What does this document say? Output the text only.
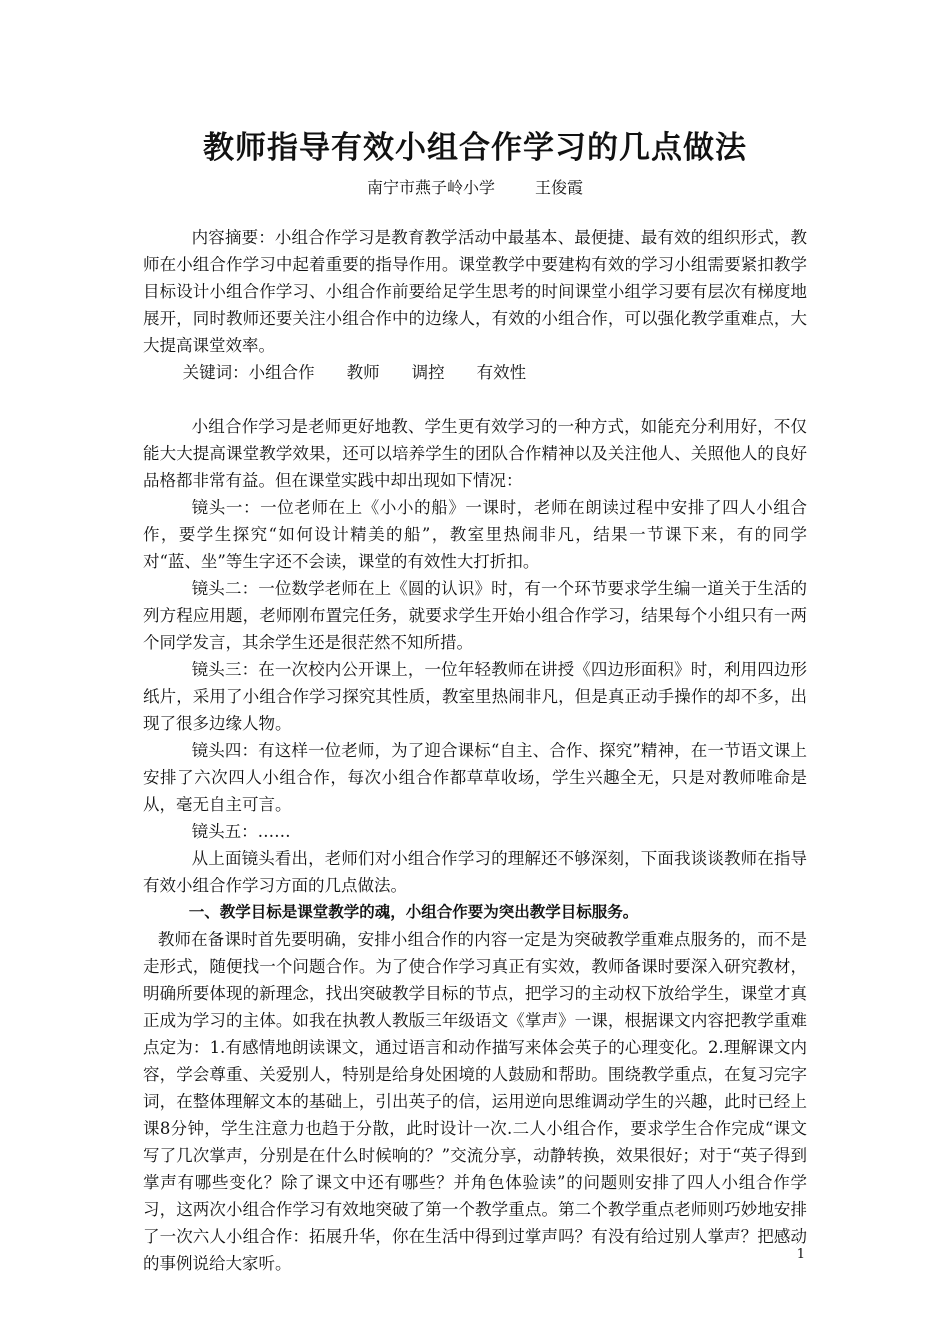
教师指导有效小组合作学习的几点做法
南宁市燕子岭小学	王俊霞

内容摘要：小组合作学习是教育教学活动中最基本、最便捷、最有效的组织形式，教师在小组合作学习中起着重要的指导作用。课堂教学中要建构有效的学习小组需要紧扣教学目标设计小组合作学习、小组合作前要给足学生思考的时间课堂小组学习要有层次有梯度地展开，同时教师还要关注小组合作中的边缘人，有效的小组合作，可以强化教学重难点，大大提高课堂效率。

关键词：小组合作 教师 调控 有效性

小组合作学习是老师更好地教、学生更有效学习的一种方式，如能充分利用好，不仅能大大提高课堂教学效果，还可以培养学生的团队合作精神以及关注他人、关照他人的良好品格都非常有益。但在课堂实践中却出现如下情况：

镜头一：一位老师在上《小小的船》一课时，老师在朗读过程中安排了四人小组合作，要学生探究“如何设计精美的船”，教室里热闹非凡，结果一节课下来，有的同学对“蓝、坐”等生字还不会读，课堂的有效性大打折扣。

镜头二：一位数学老师在上《圆的认识》时，有一个环节要求学生编一道关于生活的列方程应用题，老师刚布置完任务，就要求学生开始小组合作学习，结果每个小组只有一两个同学发言，其余学生还是很茫然不知所措。

镜头三：在一次校内公开课上，一位年轻教师在讲授《四边形面积》时，利用四边形纸片，采用了小组合作学习探究其性质，教室里热闹非凡，但是真正动手操作的却不多，出现了很多边缘人物。

镜头四：有这样一位老师，为了迎合课标“自主、合作、探究”精神，在一节语文课上安排了六次四人小组合作，每次小组合作都草草收场，学生兴趣全无，只是对教师唯命是从，毫无自主可言。

镜头五：……

从上面镜头看出，老师们对小组合作学习的理解还不够深刻，下面我谈谈教师在指导有效小组合作学习方面的几点做法。

一、教学目标是课堂教学的魂，小组合作要为突出教学目标服务。

教师在备课时首先要明确，安排小组合作的内容一定是为突破教学重难点服务的，而不是走形式，随便找一个问题合作。为了使合作学习真正有实效，教师备课时要深入研究教材，明确所要体现的新理念，找出突破教学目标的节点，把学习的主动权下放给学生，课堂才真正成为学习的主体。如我在执教人教版三年级语文《掌声》一课，根据课文内容把教学重难点定为：1.有感情地朗读课文，通过语言和动作描写来体会英子的心理变化。2.理解课文内容，学会尊重、关爱别人，特别是给身处困境的人鼓励和帮助。围绕教学重点，在复习完字词，在整体理解文本的基础上，引出英子的信，运用逆向思维调动学生的兴趣，此时已经上课8分钟，学生注意力也趋于分散，此时设计一次.二人小组合作，要求学生合作完成“课文写了几次掌声，分别是在什么时候响的？”交流分享，动静转换，效果很好；对于“英子得到掌声有哪些变化？除了课文中还有哪些？并角色体验读”的问题则安排了四人小组合作学习，这两次小组合作学习有效地突破了第一个教学重点。第二个教学重点老师则巧妙地安排了一次六人小组合作：拓展升华，你在生活中得到过掌声吗？有没有给过别人掌声？把感动的事例说给大家听。	1
